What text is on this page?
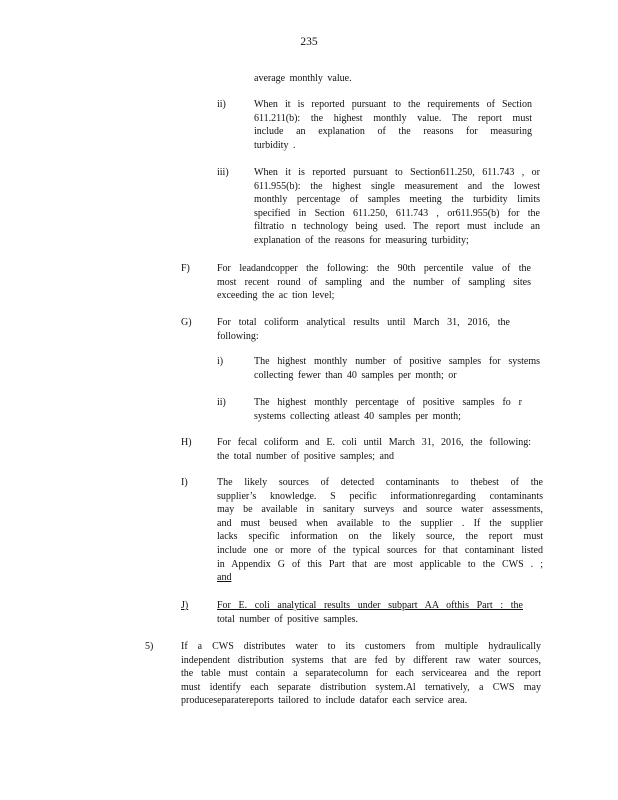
235
average monthly value.
ii)	When it is reported pursuant to the requirements of Section
611.211(b): the highest monthly value. The report must
include an explanation of the reasons for measuring
turbidity .
iii)	When it is reported pursuant to Section611.250, 611.743 , or
611.955(b): the highest single measurement and the lowest
monthly percentage of samples meeting the turbidity limits
specified in Section 611.250, 611.743 , or611.955(b) for the
filtratio n technology being used. The report must include an
explanation of the reasons for measuring turbidity;
F)	For leadandcopper the following: the 90th percentile value of the
most recent round of sampling and the number of sampling sites
exceeding the ac tion level;
G)	For total coliform analytical results until March 31, 2016, the
following:
i)	The highest monthly number of positive samples for systems
collecting fewer than 40 samples per month; or
ii)	The highest monthly percentage of positive samples fo r
systems collecting atleast 40 samples per month;
H)	For fecal coliform and E. coli until March 31, 2016, the following:
the total number of positive samples; and
I)	The likely sources of detected contaminants to thebest of the
supplier’s knowledge. S pecific informationregarding contaminants
may be available in sanitary surveys and source water assessments,
and must beused when available to the supplier . If the supplier
lacks specific information on the likely source, the report must
include one or more of the typical sources for that contaminant listed
in Appendix G of this Part that are most applicable to the CWS . ;
and
J)	For E. coli analytical results under subpart AA ofthis Part : the
total number of positive samples.
5)	If a CWS distributes water to its customers from multiple hydraulically
independent distribution systems that are fed by different raw water sources,
the table must contain a separatecolumn for each servicearea and the report
must identify each separate distribution system.Al ternatively, a CWS may
produceseparatereports tailored to include datafor each service area.
